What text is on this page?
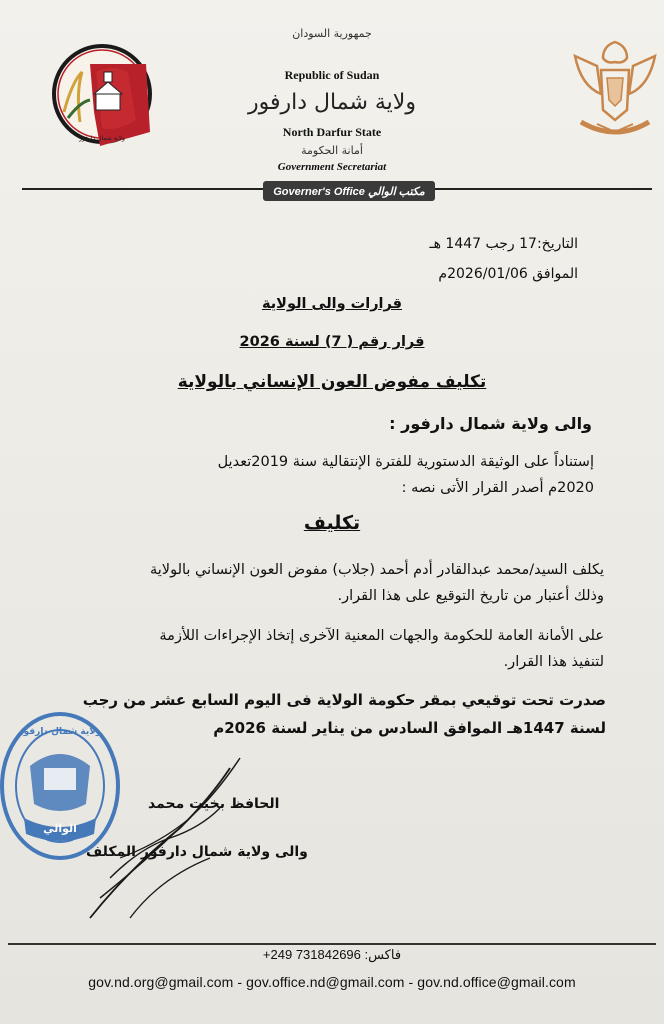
ولاية شمال دارفور
جمهورية السودان
Republic of Sudan
ولاية شمال دارفور
North Darfur State
أمانة الحكومة
Government Secretariat
Governer's Office مكتب الوالي
التاريخ:17 رجب 1447 هـ
الموافق 2026/01/06م
قرارات والى الولاية
قرار رقم ( 7) لسنة 2026
تكليف مفوض العون الإنساني بالولاية
والى ولاية شمال دارفور :
إستناداً على الوثيقة الدستورية للفترة الإنتقالية سنة 2019تعديل
2020م أصدر القرار الأتى نصه :
تكليف
يكلف السيد/محمد عبدالقادر أدم أحمد (جلاب) مفوض العون الإنساني بالولاية
وذلك أعتبار من تاريخ التوقيع على هذا القرار.
على الأمانة العامة للحكومة والجهات المعنية الآخرى إتخاذ الإجراءات اللأزمة
لتنفيذ هذا القرار.
صدرت تحت توقيعي بمقر حكومة الولاية فى اليوم السابع عشر من رجب
لسنة 1447هـ الموافق السادس من يناير لسنة 2026م
الوالي
ولاية شمال دارفور
الحافظ بخيت محمد
والى ولاية شمال دارفور المكلف
+249 731842696 :فاكس
gov.nd.org@gmail.com - gov.office.nd@gmail.com - gov.nd.office@gmail.com
